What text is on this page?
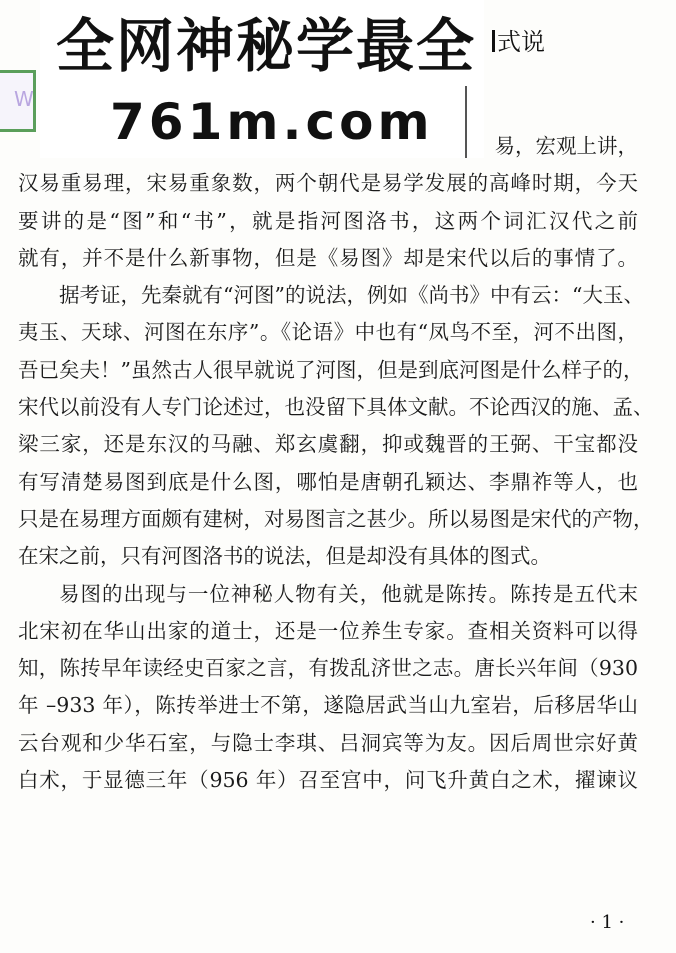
W
式说
全网神秘学最全
761m.com	易，宏观上讲，
汉易重易理，宋易重象数，两个朝代是易学发展的高峰时期，今天
要讲的是“图”和“书”，就是指河图洛书，这两个词汇汉代之前
就有，并不是什么新事物，但是《易图》却是宋代以后的事情了。
据考证，先秦就有“河图”的说法，例如《尚书》中有云：“大玉、
夷玉、天球、河图在东序”。《论语》中也有“凤鸟不至，河不出图，
吾已矣夫！”虽然古人很早就说了河图，但是到底河图是什么样子的，
宋代以前没有人专门论述过，也没留下具体文献。不论西汉的施、孟、
梁三家，还是东汉的马融、郑玄虞翻，抑或魏晋的王弼、干宝都没
有写清楚易图到底是什么图，哪怕是唐朝孔颖达、李鼎祚等人，也
只是在易理方面颇有建树，对易图言之甚少。所以易图是宋代的产物，
在宋之前，只有河图洛书的说法，但是却没有具体的图式。
易图的出现与一位神秘人物有关，他就是陈抟。陈抟是五代末
北宋初在华山出家的道士，还是一位养生专家。查相关资料可以得
知，陈抟早年读经史百家之言，有拨乱济世之志。唐长兴年间（930
年 –933 年），陈抟举进士不第，遂隐居武当山九室岩，后移居华山
云台观和少华石室，与隐士李琪、吕洞宾等为友。因后周世宗好黄
白术，于显德三年（956 年）召至宫中，问飞升黄白之术，擢谏议
· 1 ·
